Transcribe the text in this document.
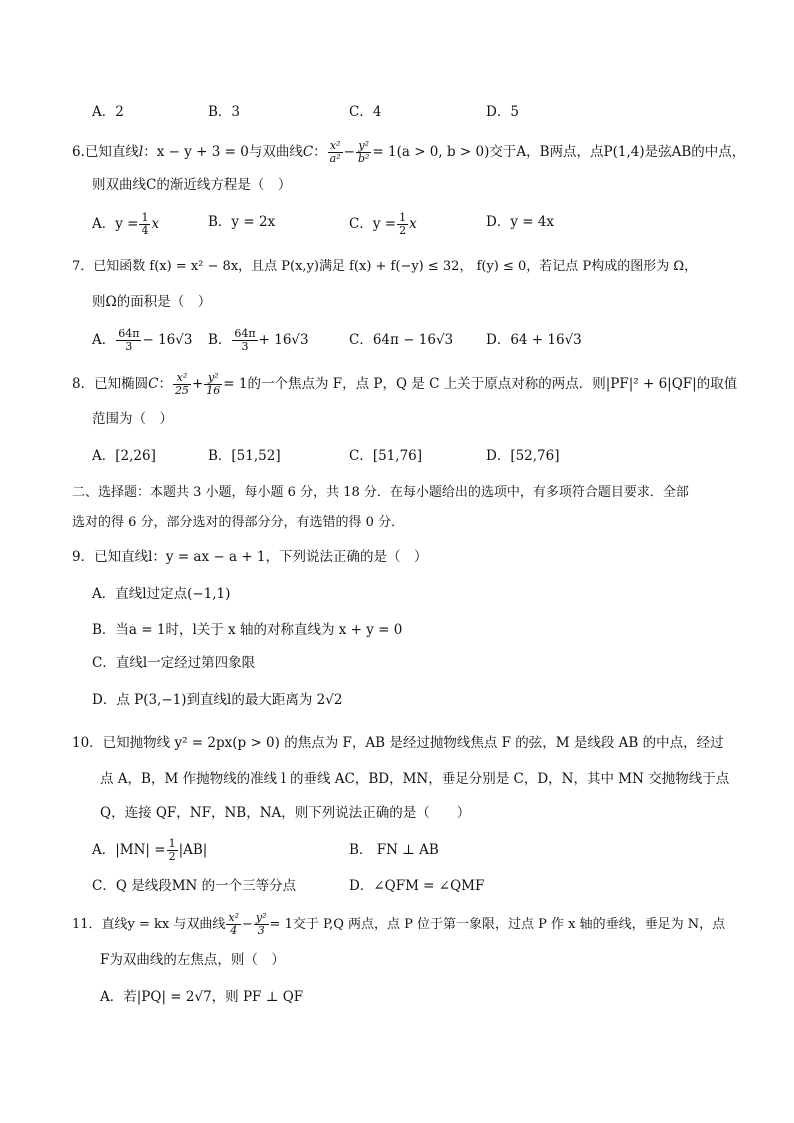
A．2	B．3	C．4	D．5
6.已知直线l：x − y + 3 = 0与双曲线C： $\frac{\text{x²}}{\text{a²}} - \frac{\text{y²}}{\text{b²}} = 1(a > 0$, b > 0)交于A，B两点，点P(1,4)是弦AB的中点，
则双曲线C的渐近线方程是（　）
A．$y = \frac{1}{4}$ x	B．y = 2x	C．$y = \frac{1}{2}$ x	D．y = 4x
7．已知函数 f(x) = x² − 8x，且点 P(x,y)满足 f(x) + f(−y) ≤ 32， f(y) ≤ 0，若记点 P构成的图形为 Ω，
则Ω的面积是（　）
A． $\frac{64\pi}{3} - 16√3$ B． $\frac{64\pi}{3} + 16√3$	C．64π − 16√3 D．64 + 16√3
8．已知椭圆C： $\frac{\text{x²}}{25} + \frac{\text{y²}}{16} = 1$的一个焦点为 F，点 P，Q 是 C 上关于原点对称的两点．则|PF|² + 6|QF|的取值
范围为（　）
A．[2,26]	B．[51,52]	C．[51,76]	D．[52,76]
二、选择题：本题共 3 小题，每小题 6 分，共 18 分．在每小题给出的选项中，有多项符合题目要求．全部
选对的得 6 分，部分选对的得部分分，有选错的得 0 分．
9．已知直线l：y = ax − a + 1，下列说法正确的是（　）
A．直线l过定点(−1,1)
B．当a = 1时，l关于 x 轴的对称直线为 x + y = 0
C．直线l一定经过第四象限
D．点 P(3,−1)到直线l的最大距离为 2√2
10．已知抛物线 y² = 2px(p > 0) 的焦点为 F，AB 是经过抛物线焦点 F 的弦，M 是线段 AB 的中点，经过
点 A，B，M 作抛物线的准线 l 的垂线 AC，BD，MN，垂足分别是 C，D，N，其中 MN 交抛物线于点
Q，连接 QF，NF，NB，NA，则下列说法正确的是（　　）
A．$|MN| = \frac{1}{2} |AB|$	B． FN ⊥ AB
C．Q 是线段MN 的一个三等分点	D．∠QFM = ∠QMF
11．直线y = kx 与双曲线 $\frac{\text{x²}}{4} - \frac{\text{y²}}{3} = 1$交于 P,Q 两点，点 P 位于第一象限，过点 P 作 x 轴的垂线，垂足为 N，点
F为双曲线的左焦点，则（　）
A．若|PQ| = 2√7，则 PF ⊥ QF
